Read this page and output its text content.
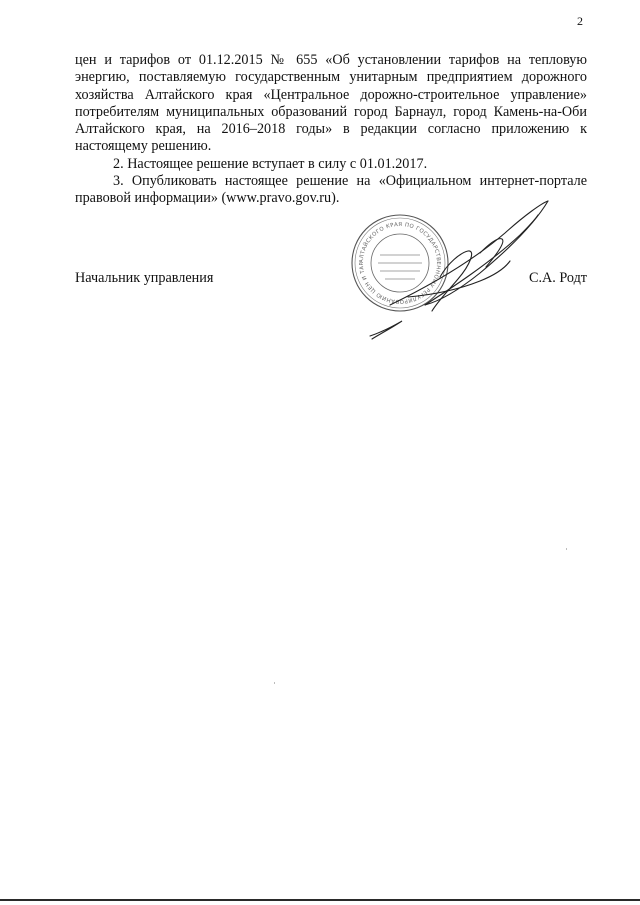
2

цен и тарифов от 01.12.2015 № 655 «Об установлении тарифов на тепловую энергию, поставляемую государственным унитарным предприятием дорожного хозяйства Алтайского края «Центральное дорожно-строительное управление» потребителям муниципальных образований город Барнаул, город Камень-на-Оби Алтайского края, на 2016–2018 годы» в редакции согласно приложению к настоящему решению.

2. Настоящее решение вступает в силу с 01.01.2017.

3. Опубликовать настоящее решение на «Официальном интернет-портале правовой информации» (www.pravo.gov.ru).

АЛТАЙСКОГО КРАЯ ПО ГОСУДАРСТВЕННОМУ РЕГУЛИРОВАНИЮ ЦЕН И ТАР
Начальник управления	С.А. Родт
